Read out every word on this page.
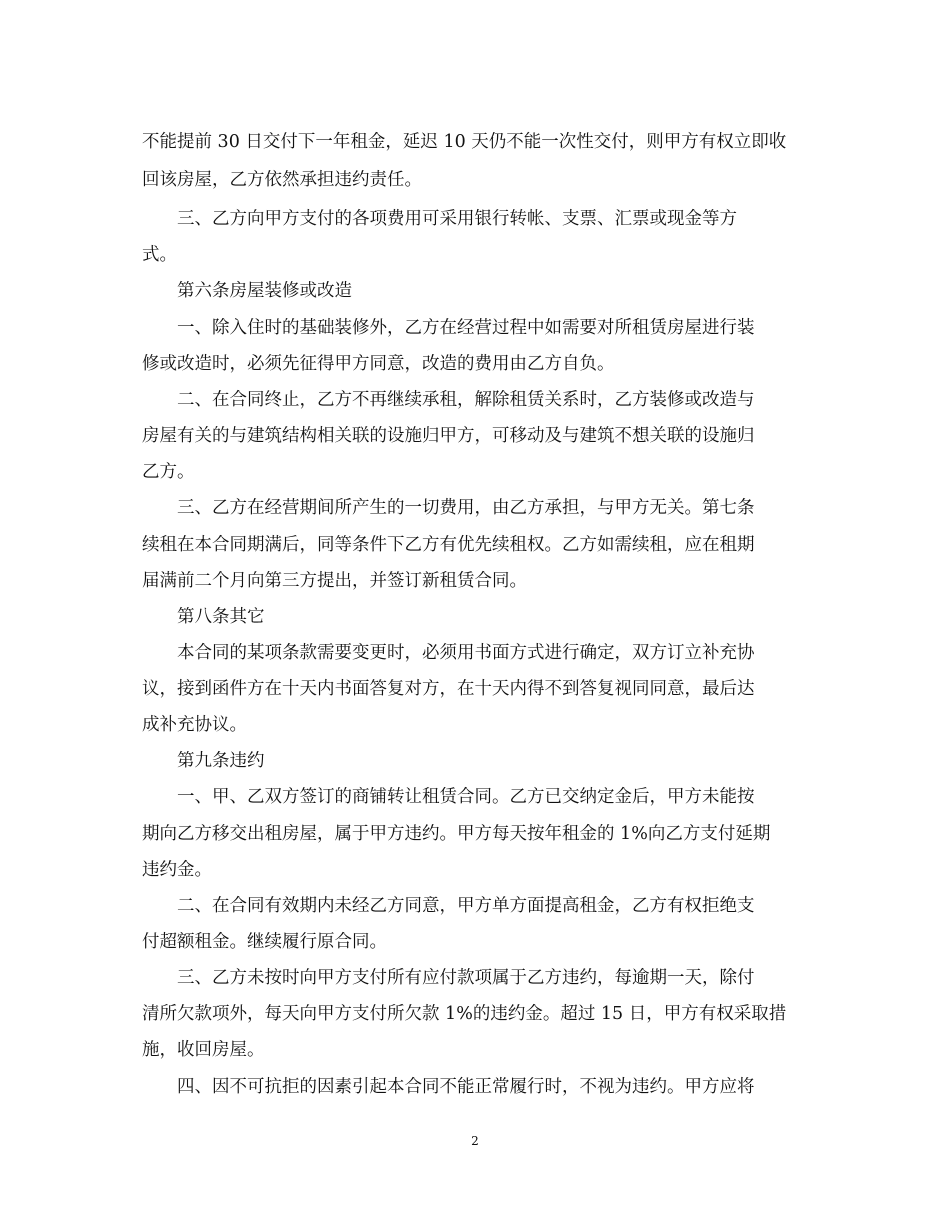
不能提前 30 日交付下一年租金，延迟 10 天仍不能一次性交付，则甲方有权立即收
回该房屋，乙方依然承担违约责任。
三、乙方向甲方支付的各项费用可采用银行转帐、支票、汇票或现金等方
式。
第六条房屋装修或改造
一、除入住时的基础装修外，乙方在经营过程中如需要对所租赁房屋进行装
修或改造时，必须先征得甲方同意，改造的费用由乙方自负。
二、在合同终止，乙方不再继续承租，解除租赁关系时，乙方装修或改造与
房屋有关的与建筑结构相关联的设施归甲方，可移动及与建筑不想关联的设施归
乙方。
三、乙方在经营期间所产生的一切费用，由乙方承担，与甲方无关。第七条
续租在本合同期满后，同等条件下乙方有优先续租权。乙方如需续租，应在租期
届满前二个月向第三方提出，并签订新租赁合同。
第八条其它
本合同的某项条款需要变更时，必须用书面方式进行确定，双方订立补充协
议，接到函件方在十天内书面答复对方，在十天内得不到答复视同同意，最后达
成补充协议。
第九条违约
一、甲、乙双方签订的商铺转让租赁合同。乙方已交纳定金后，甲方未能按
期向乙方移交出租房屋，属于甲方违约。甲方每天按年租金的 1%向乙方支付延期
违约金。
二、在合同有效期内未经乙方同意，甲方单方面提高租金，乙方有权拒绝支
付超额租金。继续履行原合同。
三、乙方未按时向甲方支付所有应付款项属于乙方违约，每逾期一天，除付
清所欠款项外，每天向甲方支付所欠款 1%的违约金。超过 15 日，甲方有权采取措
施，收回房屋。
四、因不可抗拒的因素引起本合同不能正常履行时，不视为违约。甲方应将
2
